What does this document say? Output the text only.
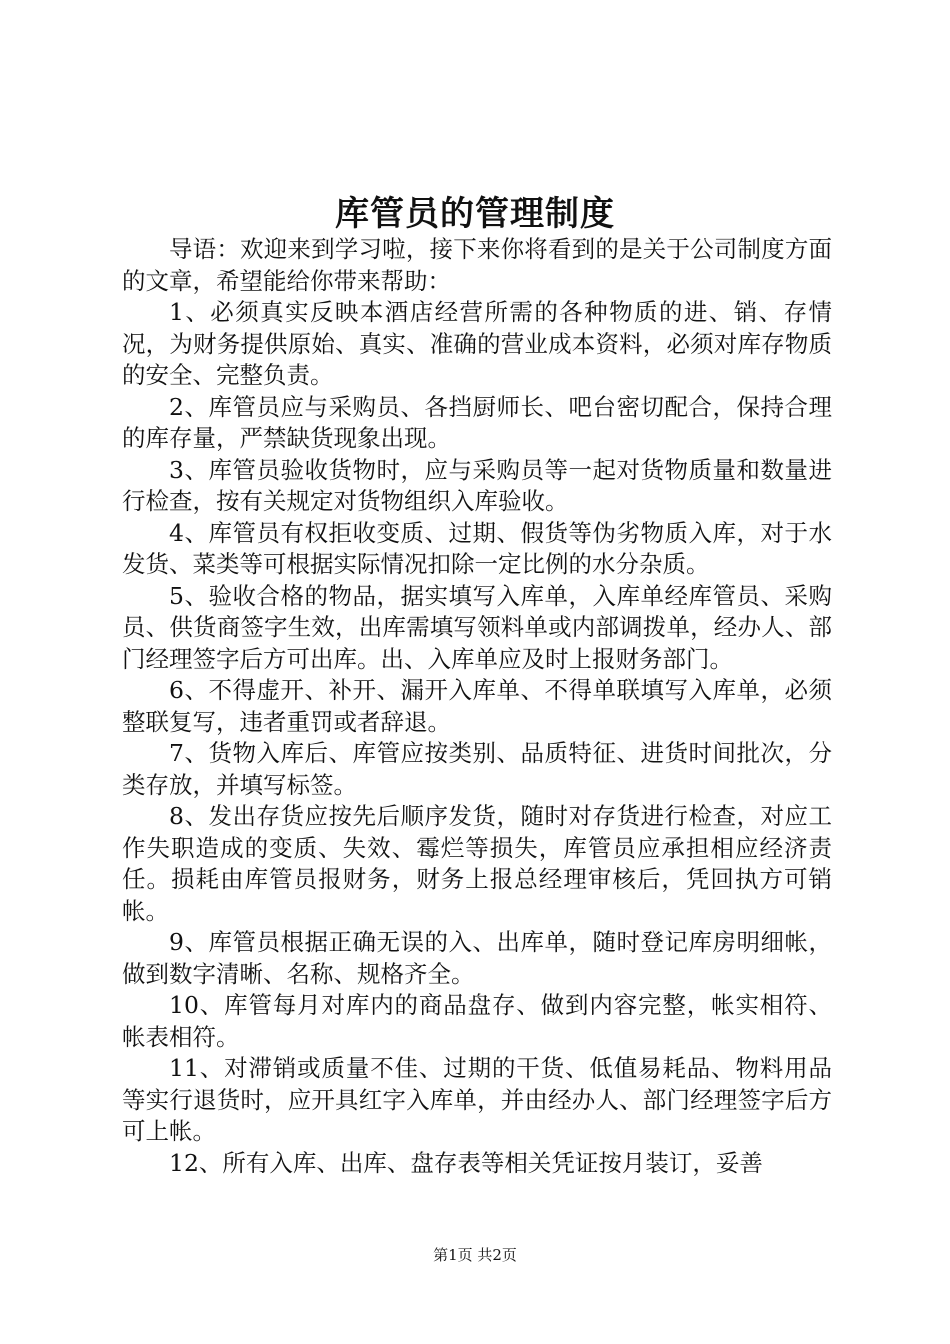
库管员的管理制度

导语：欢迎来到学习啦，接下来你将看到的是关于公司制度方面的文章，希望能给你带来帮助：

1、必须真实反映本酒店经营所需的各种物质的进、销、存情况，为财务提供原始、真实、准确的营业成本资料，必须对库存物质的安全、完整负责。

2、库管员应与采购员、各挡厨师长、吧台密切配合，保持合理的库存量，严禁缺货现象出现。

3、库管员验收货物时，应与采购员等一起对货物质量和数量进行检查，按有关规定对货物组织入库验收。

4、库管员有权拒收变质、过期、假货等伪劣物质入库，对于水发货、菜类等可根据实际情况扣除一定比例的水分杂质。

5、验收合格的物品，据实填写入库单，入库单经库管员、采购员、供货商签字生效，出库需填写领料单或内部调拨单，经办人、部门经理签字后方可出库。出、入库单应及时上报财务部门。

6、不得虚开、补开、漏开入库单、不得单联填写入库单，必须整联复写，违者重罚或者辞退。

7、货物入库后、库管应按类别、品质特征、进货时间批次，分类存放，并填写标签。

8、发出存货应按先后顺序发货，随时对存货进行检查，对应工作失职造成的变质、失效、霉烂等损失，库管员应承担相应经济责任。损耗由库管员报财务，财务上报总经理审核后，凭回执方可销帐。

9、库管员根据正确无误的入、出库单，随时登记库房明细帐，做到数字清晰、名称、规格齐全。

10、库管每月对库内的商品盘存、做到内容完整，帐实相符、帐表相符。

11、对滞销或质量不佳、过期的干货、低值易耗品、物料用品等实行退货时，应开具红字入库单，并由经办人、部门经理签字后方可上帐。

12、所有入库、出库、盘存表等相关凭证按月装订，妥善

第1页 共2页
